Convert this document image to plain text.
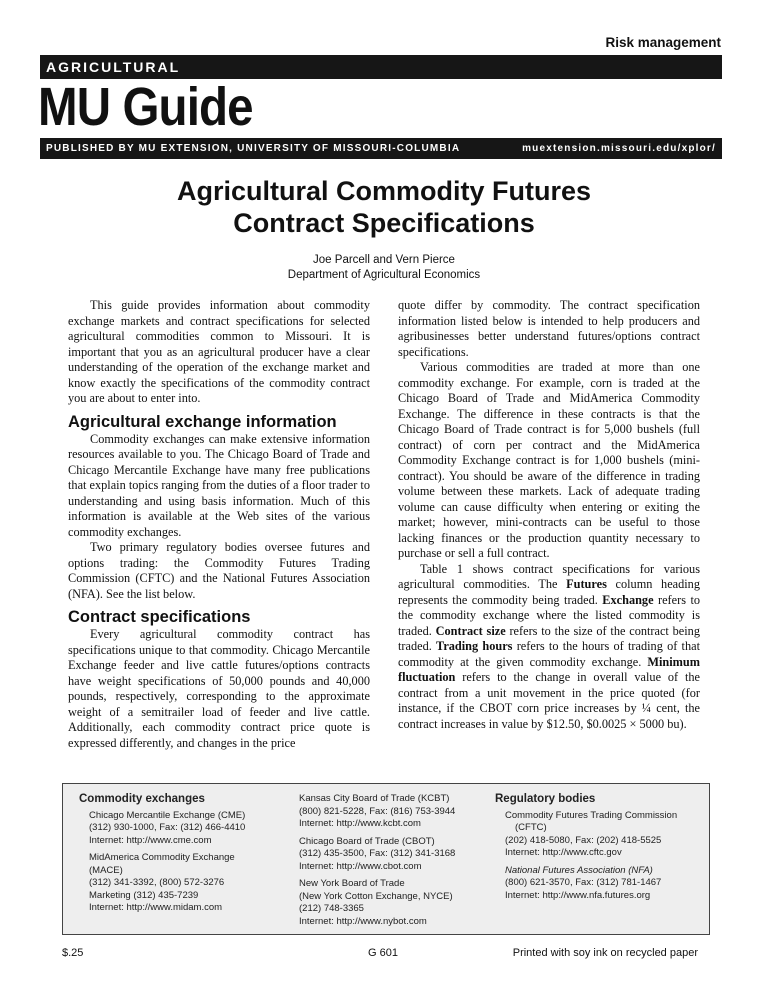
Risk management
AGRICULTURAL
MU Guide
PUBLISHED BY MU EXTENSION, UNIVERSITY OF MISSOURI-COLUMBIA	muextension.missouri.edu/xplor/
Agricultural Commodity Futures
Contract Specifications
Joe Parcell and Vern Pierce
Department of Agricultural Economics

This guide provides information about commodity exchange markets and contract specifications for selected agricultural commodities common to Missouri. It is important that you as an agricultural producer have a clear understanding of the operation of the exchange market and know exactly the specifications of the commodity contract you are about to enter into.

Agricultural exchange information

Commodity exchanges can make extensive information resources available to you. The Chicago Board of Trade and Chicago Mercantile Exchange have many free publications that explain topics ranging from the duties of a floor trader to understanding and using basis information. Much of this information is available at the Web sites of the various commodity exchanges.

Two primary regulatory bodies oversee futures and options trading: the Commodity Futures Trading Commission (CFTC) and the National Futures Association (NFA). See the list below.

Contract specifications

Every agricultural commodity contract has specifications unique to that commodity. Chicago Mercantile Exchange feeder and live cattle futures/options contracts have weight specifications of 50,000 pounds and 40,000 pounds, respectively, corresponding to the approximate weight of a semitrailer load of feeder and live cattle. Additionally, each commodity contract price quote is expressed differently, and changes in the price

quote differ by commodity. The contract specification information listed below is intended to help producers and agribusinesses better understand futures/options contract specifications.

Various commodities are traded at more than one commodity exchange. For example, corn is traded at the Chicago Board of Trade and MidAmerica Commodity Exchange. The difference in these contracts is that the Chicago Board of Trade contract is for 5,000 bushels (full contract) of corn per contract and the MidAmerica Commodity Exchange contract is for 1,000 bushels (mini-contract). You should be aware of the difference in trading volume between these markets. Lack of adequate trading volume can cause difficulty when entering or exiting the market; however, mini-contracts can be useful to those lacking finances or the production quantity necessary to purchase or sell a full contract.

Table 1 shows contract specifications for various agricultural commodities. The Futures column heading represents the commodity being traded. Exchange refers to the commodity exchange where the listed commodity is traded. Contract size refers to the size of the contract being traded. Trading hours refers to the hours of trading of that commodity at the given commodity exchange. Minimum fluctuation refers to the change in overall value of the contract from a unit movement in the price quoted (for instance, if the CBOT corn price increases by ¼ cent, the contract increases in value by $12.50, $0.0025 × 5000 bu).

Commodity exchanges
Chicago Mercantile Exchange (CME)
(312) 930-1000, Fax: (312) 466-4410
Internet: http://www.cme.com
MidAmerica Commodity Exchange
(MACE)
(312) 341-3392, (800) 572-3276
Marketing (312) 435-7239
Internet: http://www.midam.com
Kansas City Board of Trade (KCBT)
(800) 821-5228, Fax: (816) 753-3944
Internet: http://www.kcbt.com
Chicago Board of Trade (CBOT)
(312) 435-3500, Fax: (312) 341-3168
Internet: http://www.cbot.com
New York Board of Trade
(New York Cotton Exchange, NYCE)
(212) 748-3365
Internet: http://www.nybot.com
Regulatory bodies
Commodity Futures Trading Commission
(CFTC)
(202) 418-5080, Fax: (202) 418-5525
Internet: http://www.cftc.gov
National Futures Association (NFA)
(800) 621-3570, Fax: (312) 781-1467
Internet: http://www.nfa.futures.org
$.25	G 601	Printed with soy ink on recycled paper
